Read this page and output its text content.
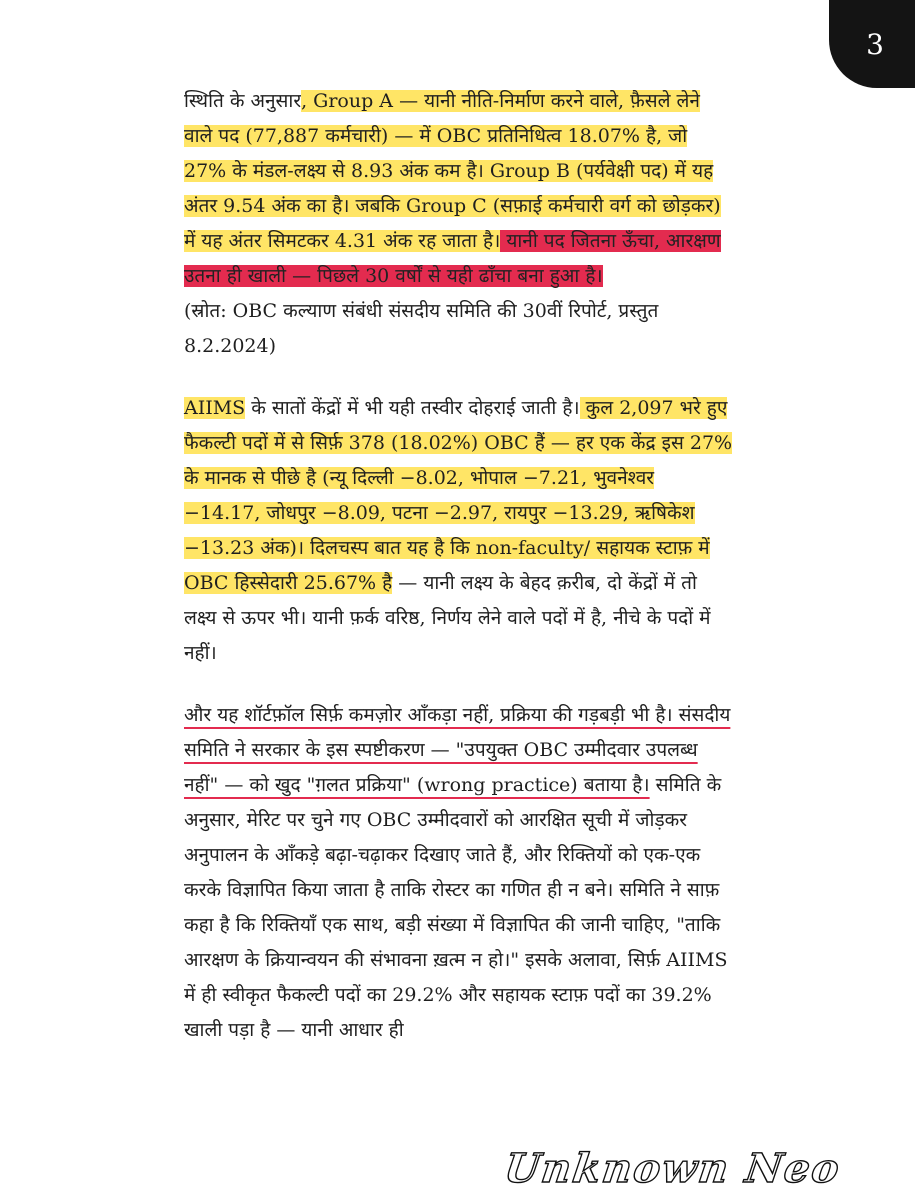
3

स्थिति के अनुसार, Group A — यानी नीति-निर्माण करने वाले, फ़ैसले लेने वाले पद (77,887 कर्मचारी) — में OBC प्रतिनिधित्व 18.07% है, जो 27% के मंडल-लक्ष्य से 8.93 अंक कम है। Group B (पर्यवेक्षी पद) में यह अंतर 9.54 अंक का है। जबकि Group C (सफ़ाई कर्मचारी वर्ग को छोड़कर) में यह अंतर सिमटकर 4.31 अंक रह जाता है। यानी पद जितना ऊँचा, आरक्षण उतना ही खाली — पिछले 30 वर्षों से यही ढाँचा बना हुआ है।
(स्रोत: OBC कल्याण संबंधी संसदीय समिति की 30वीं रिपोर्ट, प्रस्तुत 8.2.2024)

AIIMS के सातों केंद्रों में भी यही तस्वीर दोहराई जाती है। कुल 2,097 भरे हुए फैकल्टी पदों में से सिर्फ़ 378 (18.02%) OBC हैं — हर एक केंद्र इस 27% के मानक से पीछे है (न्यू दिल्ली −8.02, भोपाल −7.21, भुवनेश्वर −14.17, जोधपुर −8.09, पटना −2.97, रायपुर −13.29, ऋषिकेश −13.23 अंक)। दिलचस्प बात यह है कि non-faculty/ सहायक स्टाफ़ में OBC हिस्सेदारी 25.67% है — यानी लक्ष्य के बेहद क़रीब, दो केंद्रों में तो लक्ष्य से ऊपर भी। यानी फ़र्क वरिष्ठ, निर्णय लेने वाले पदों में है, नीचे के पदों में नहीं।

और यह शॉर्टफ़ॉल सिर्फ़ कमज़ोर आँकड़ा नहीं, प्रक्रिया की गड़बड़ी भी है। संसदीय समिति ने सरकार के इस स्पष्टीकरण — "उपयुक्त OBC उम्मीदवार उपलब्ध नहीं" — को खुद "ग़लत प्रक्रिया" (wrong practice) बताया है। समिति के अनुसार, मेरिट पर चुने गए OBC उम्मीदवारों को आरक्षित सूची में जोड़कर अनुपालन के आँकड़े बढ़ा-चढ़ाकर दिखाए जाते हैं, और रिक्तियों को एक-एक करके विज्ञापित किया जाता है ताकि रोस्टर का गणित ही न बने। समिति ने साफ़ कहा है कि रिक्तियाँ एक साथ, बड़ी संख्या में विज्ञापित की जानी चाहिए, "ताकि आरक्षण के क्रियान्वयन की संभावना ख़त्म न हो।" इसके अलावा, सिर्फ़ AIIMS में ही स्वीकृत फैकल्टी पदों का 29.2% और सहायक स्टाफ़ पदों का 39.2% खाली पड़ा है — यानी आधार ही

Unknown Neo
